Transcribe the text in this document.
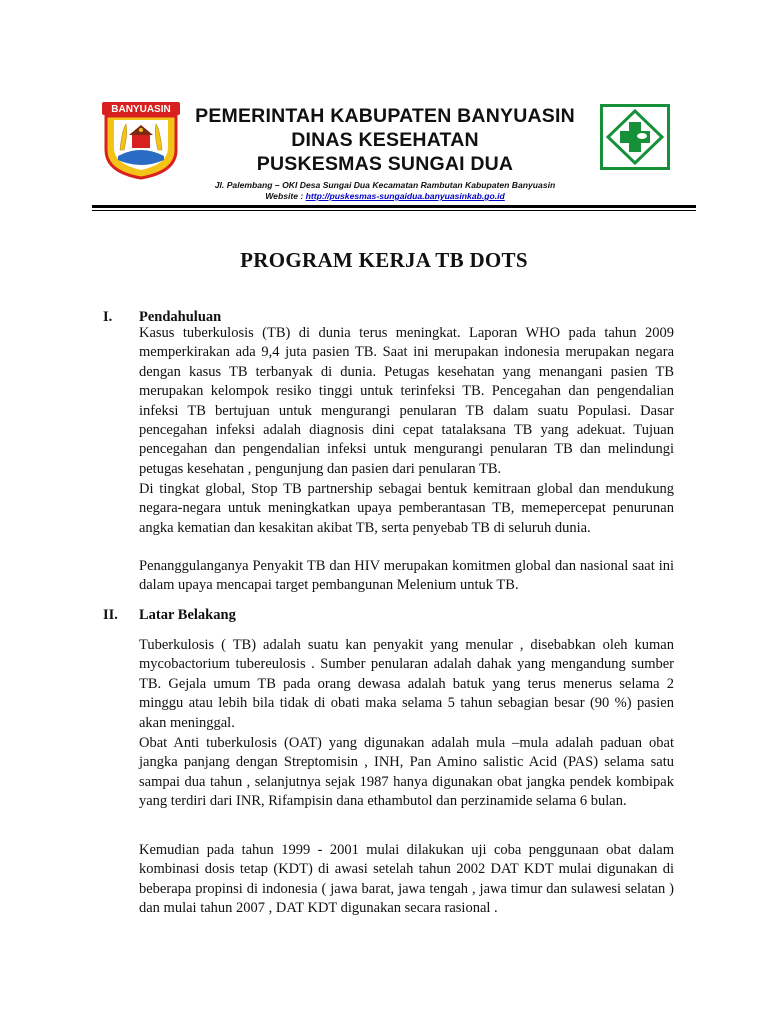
BANYUASIN	PEMERINTAH KABUPATEN BANYUASIN
DINAS KESEHATAN
PUSKESMAS SUNGAI DUA
Jl. Palembang – OKI Desa Sungai Dua Kecamatan Rambutan Kabupaten Banyuasin
Website : http://puskesmas-sungaidua.banyuasinkab.go.id
PROGRAM KERJA TB DOTS
I. Pendahuluan

Kasus tuberkulosis (TB) di dunia terus meningkat. Laporan WHO pada tahun 2009 memperkirakan ada 9,4 juta pasien TB. Saat ini merupakan indonesia merupakan negara dengan kasus TB terbanyak di dunia. Petugas kesehatan yang menangani pasien TB merupakan kelompok resiko tinggi untuk terinfeksi TB. Pencegahan dan pengendalian infeksi TB bertujuan untuk mengurangi penularan TB dalam suatu Populasi. Dasar pencegahan infeksi adalah diagnosis dini cepat tatalaksana TB yang adekuat. Tujuan pencegahan dan pengendalian infeksi untuk mengurangi penularan TB dan melindungi petugas kesehatan , pengunjung dan pasien dari penularan TB.

Di tingkat global, Stop TB partnership sebagai bentuk kemitraan global dan mendukung negara-negara untuk meningkatkan upaya pemberantasan TB, memepercepat penurunan angka kematian dan kesakitan akibat TB, serta penyebab TB di seluruh dunia.

Penanggulanganya Penyakit TB dan HIV merupakan komitmen global dan nasional saat ini dalam upaya mencapai target pembangunan Melenium untuk TB.

II. Latar Belakang

Tuberkulosis ( TB) adalah suatu kan penyakit yang menular , disebabkan oleh kuman mycobactorium tubereulosis . Sumber penularan adalah dahak yang mengandung sumber TB. Gejala umum TB pada orang dewasa adalah batuk yang terus menerus selama 2 minggu atau lebih bila tidak di obati maka selama 5 tahun sebagian besar (90 %) pasien akan meninggal.

Obat Anti tuberkulosis (OAT) yang digunakan adalah mula –mula adalah paduan obat jangka panjang dengan Streptomisin , INH, Pan Amino salistic Acid (PAS) selama satu sampai dua tahun , selanjutnya sejak 1987 hanya digunakan obat jangka pendek kombipak yang terdiri dari INR, Rifampisin dana ethambutol dan perzinamide selama 6 bulan.

Kemudian pada tahun 1999 - 2001 mulai dilakukan uji coba penggunaan obat dalam kombinasi dosis tetap (KDT) di awasi setelah tahun 2002 DAT KDT mulai digunakan di beberapa propinsi di indonesia ( jawa barat, jawa tengah , jawa timur dan sulawesi selatan ) dan mulai tahun 2007 , DAT KDT digunakan secara rasional .
